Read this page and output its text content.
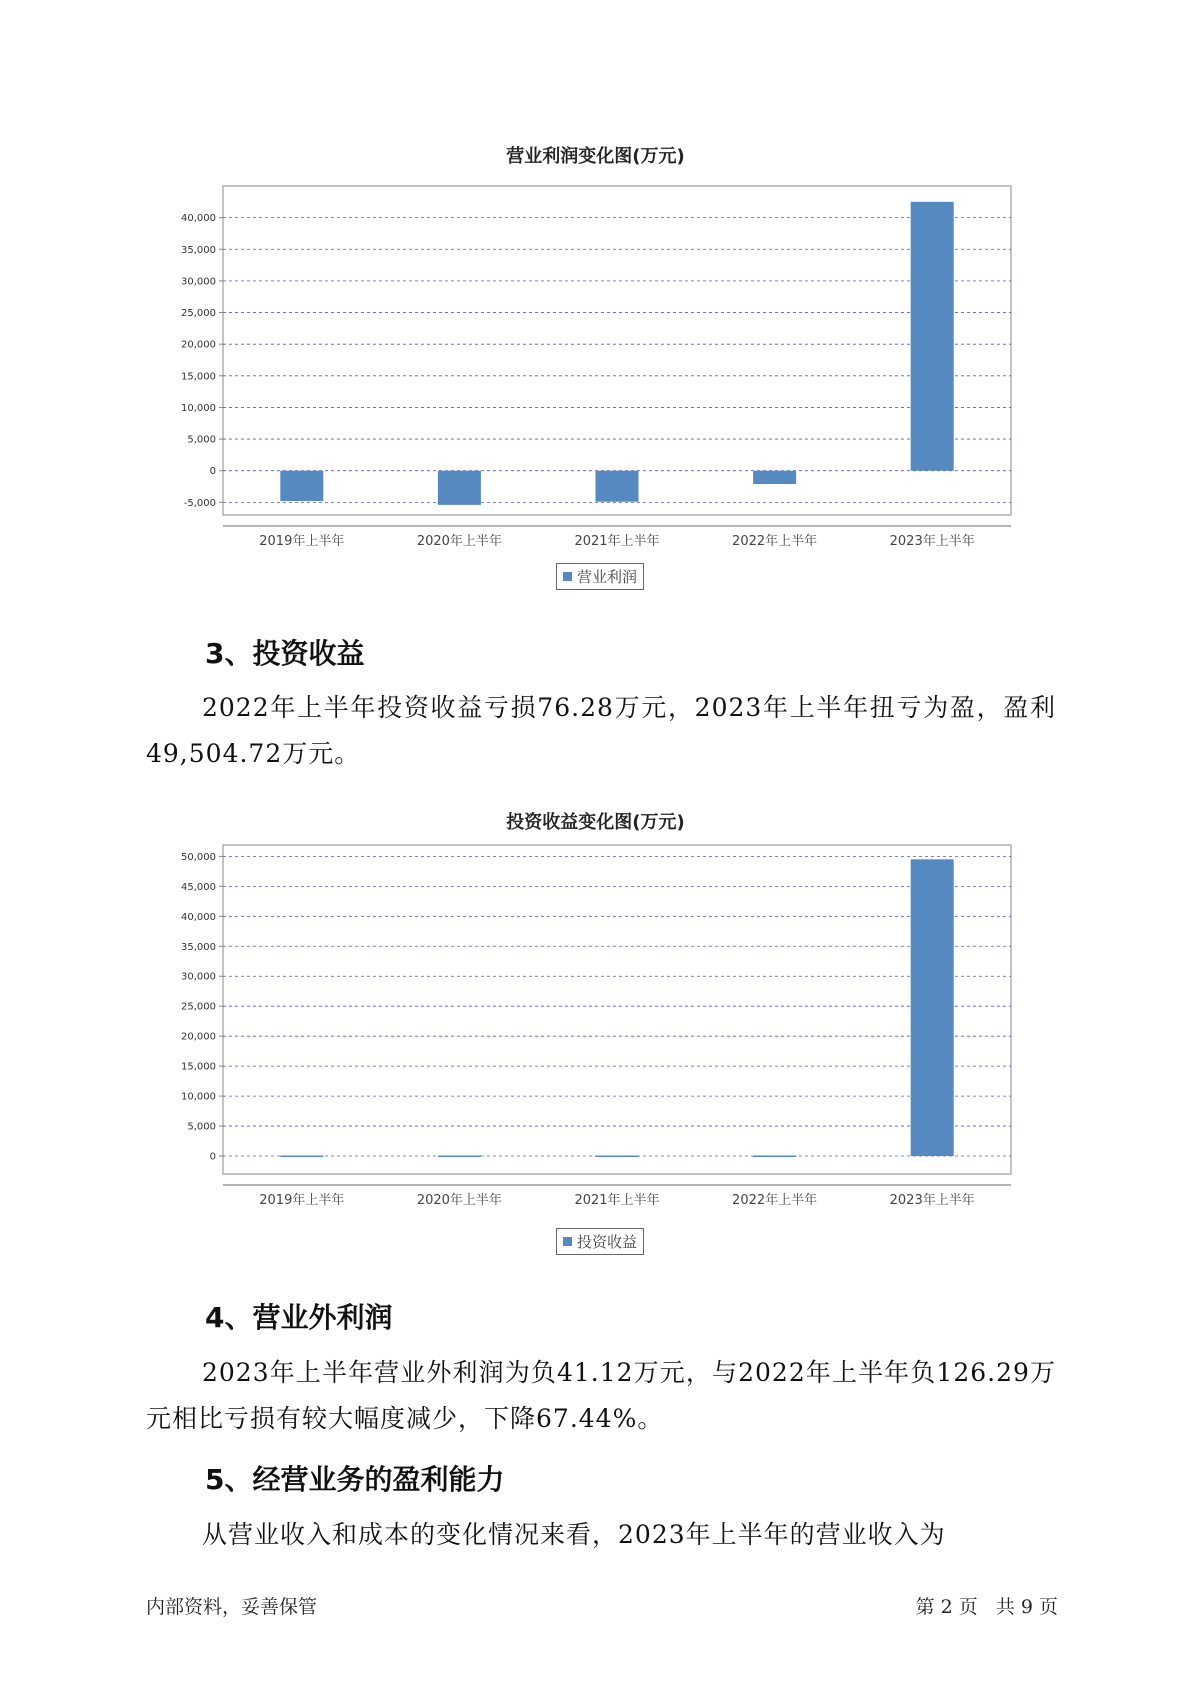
营业利润变化图(万元)
-5,000
0
5,000
10,000
15,000
20,000
25,000
30,000
35,000
40,000
2019年上半年	2020年上半年	2021年上半年	2022年上半年	2023年上半年
营业利润
3、投资收益

2022年上半年投资收益亏损76.28万元，2023年上半年扭亏为盈，盈利49,504.72万元。

投资收益变化图(万元)
0
5,000
10,000
15,000
20,000
25,000
30,000
35,000
40,000
45,000
50,000
2019年上半年	2020年上半年	2021年上半年	2022年上半年	2023年上半年
投资收益
4、营业外利润

2023年上半年营业外利润为负41.12万元，与2022年上半年负126.29万元相比亏损有较大幅度减少，下降67.44%。

5、经营业务的盈利能力

从营业收入和成本的变化情况来看，2023年上半年的营业收入为

内部资料，妥善保管	第 2 页   共 9 页
